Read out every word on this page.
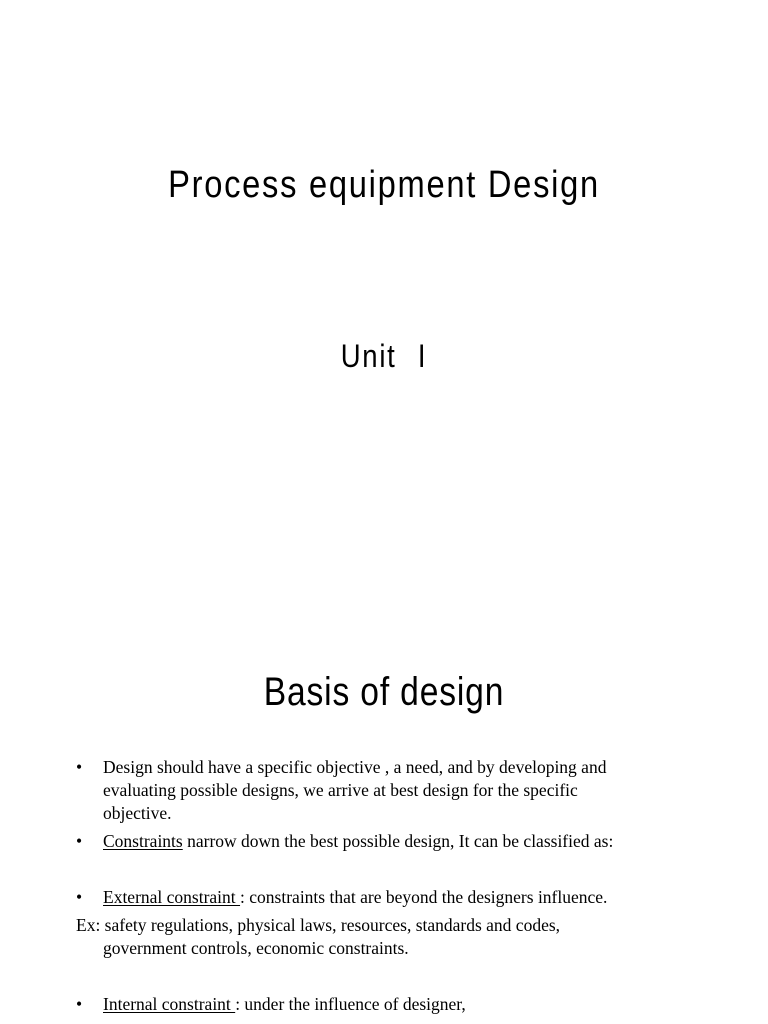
Process equipment Design
Unit I
Basis of design
• Design should have a specific objective , a need, and by developing and
evaluating possible designs, we arrive at best design for the specific
objective.
• Constraints narrow down the best possible design, It can be classified as:
• External constraint : constraints that are beyond the designers influence.
Ex: safety regulations, physical laws, resources, standards and codes,
government controls, economic constraints.
• Internal constraint : under the influence of designer,
